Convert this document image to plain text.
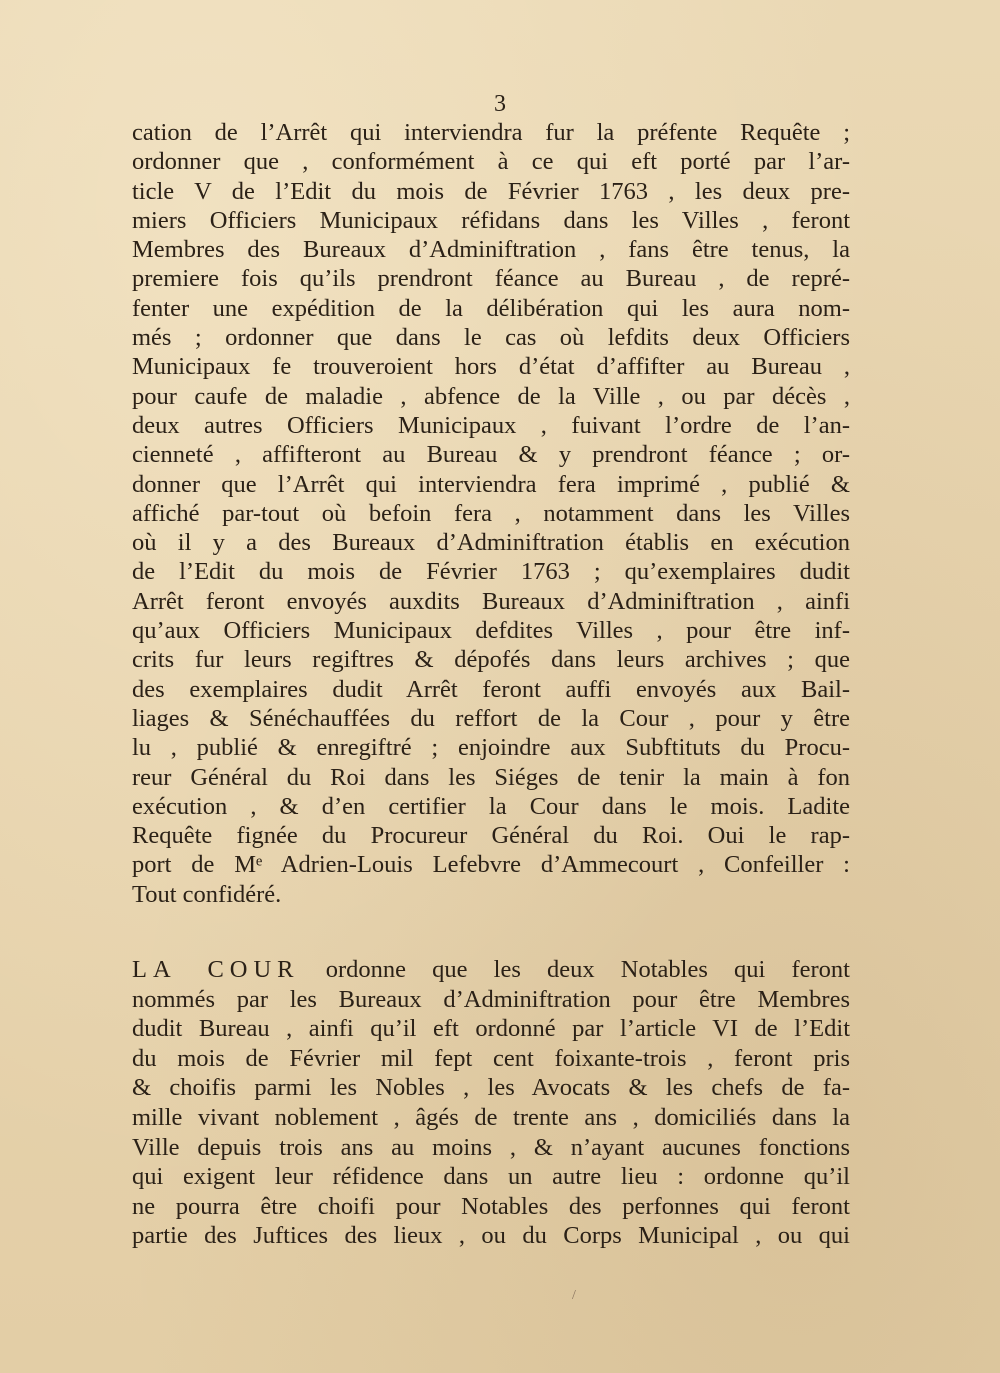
3
cation de l’Arrêt qui interviendra fur la préfente Requête ;
ordonner que , conformément à ce qui eft porté par l’ar-
ticle V de l’Edit du mois de Février 1763 , les deux pre-
miers Officiers Municipaux réfidans dans les Villes , feront
Membres des Bureaux d’Adminiftration , fans être tenus, la
premiere fois qu’ils prendront féance au Bureau , de repré-
fenter une expédition de la délibération qui les aura nom-
més ; ordonner que dans le cas où lefdits deux Officiers
Municipaux fe trouveroient hors d’état d’affifter au Bureau ,
pour caufe de maladie , abfence de la Ville , ou par décès ,
deux autres Officiers Municipaux , fuivant l’ordre de l’an-
cienneté , affifteront au Bureau & y prendront féance ; or-
donner que l’Arrêt qui interviendra fera imprimé , publié &
affiché par-tout où befoin fera , notamment dans les Villes
où il y a des Bureaux d’Adminiftration établis en exécution
de l’Edit du mois de Février 1763 ; qu’exemplaires dudit
Arrêt feront envoyés auxdits Bureaux d’Adminiftration , ainfi
qu’aux Officiers Municipaux defdites Villes , pour être inf-
crits fur leurs regiftres & dépofés dans leurs archives ; que
des exemplaires dudit Arrêt feront auffi envoyés aux Bail-
liages & Sénéchauffées du reffort de la Cour , pour y être
lu , publié & enregiftré ; enjoindre aux Subftituts du Procu-
reur Général du Roi dans les Siéges de tenir la main à fon
exécution , & d’en certifier la Cour dans le mois. Ladite
Requête fignée du Procureur Général du Roi. Oui le rap-
port de Mᵉ Adrien-Louis Lefebvre d’Ammecourt , Confeiller :
Tout confidéré.
LA COUR ordonne que les deux Notables qui feront
nommés par les Bureaux d’Adminiftration pour être Membres
dudit Bureau , ainfi qu’il eft ordonné par l’article VI de l’Edit
du mois de Février mil fept cent foixante-trois , feront pris
& choifis parmi les Nobles , les Avocats & les chefs de fa-
mille vivant noblement , âgés de trente ans , domiciliés dans la
Ville depuis trois ans au moins , & n’ayant aucunes fonctions
qui exigent leur réfidence dans un autre lieu : ordonne qu’il
ne pourra être choifi pour Notables des perfonnes qui feront
partie des Juftices des lieux , ou du Corps Municipal , ou qui
/
